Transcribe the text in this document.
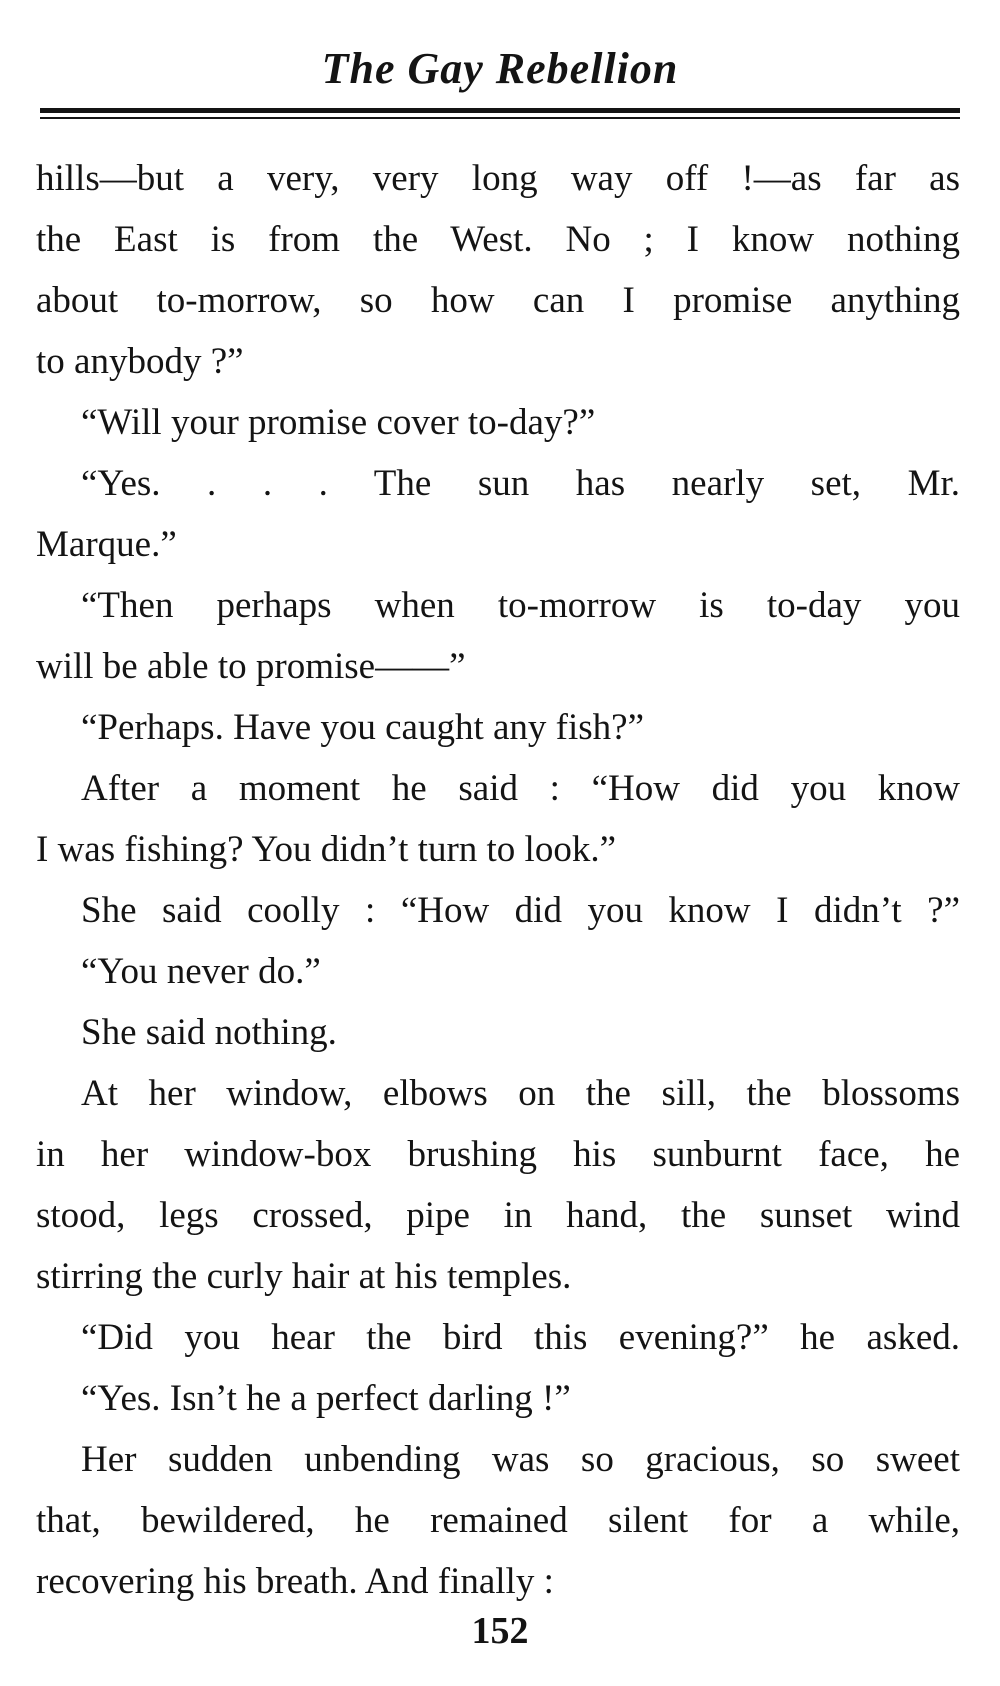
The Gay Rebellion
hills—but a very, very long way off !—as far as
the East is from the West. No ; I know nothing
about to-morrow, so how can I promise anything
to anybody ?”
“Will your promise cover to-day?”
“Yes. . . . The sun has nearly set, Mr.
Marque.”
“Then perhaps when to-morrow is to-day you
will be able to promise——”
“Perhaps. Have you caught any fish?”
After a moment he said : “How did you know
I was fishing? You didn’t turn to look.”
She said coolly : “How did you know I didn’t ?”
“You never do.”
She said nothing.
At her window, elbows on the sill, the blossoms
in her window-box brushing his sunburnt face, he
stood, legs crossed, pipe in hand, the sunset wind
stirring the curly hair at his temples.
“Did you hear the bird this evening?” he asked.
“Yes. Isn’t he a perfect darling !”
Her sudden unbending was so gracious, so sweet
that, bewildered, he remained silent for a while,
recovering his breath. And finally :
152
